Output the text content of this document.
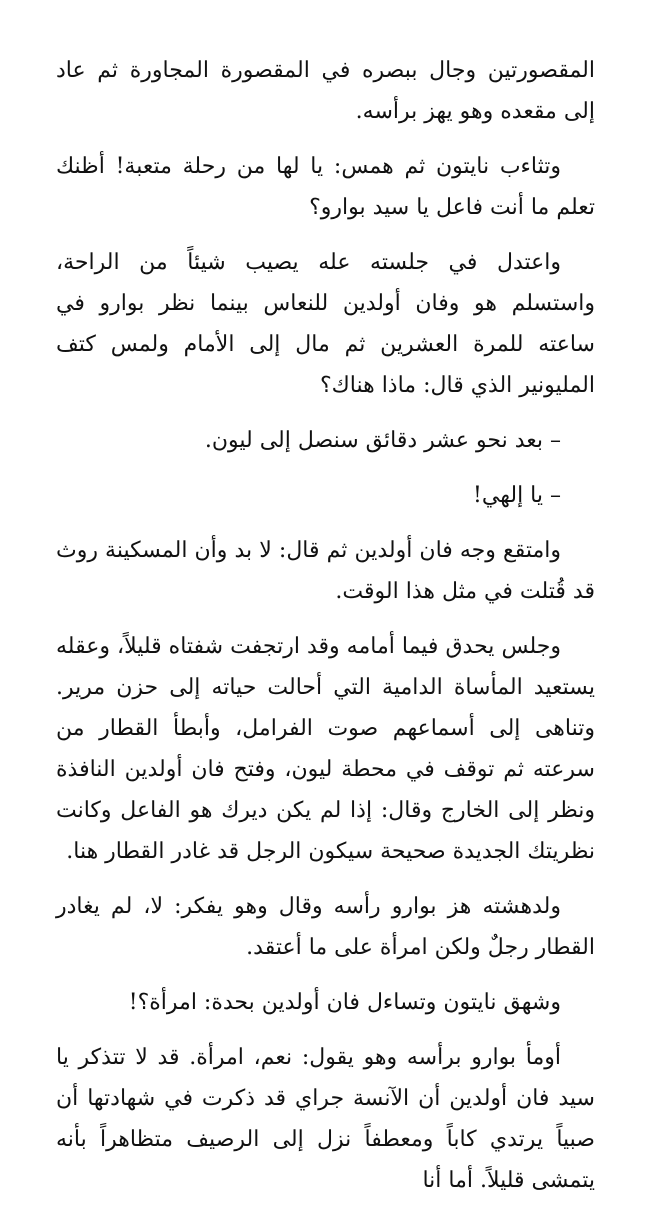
المقصورتين وجال ببصره في المقصورة المجاورة ثم عاد إلى مقعده وهو يهز برأسه.

وتثاءب نايتون ثم همس: يا لها من رحلة متعبة! أظنك تعلم ما أنت فاعل يا سيد بوارو؟

واعتدل في جلسته عله يصيب شيئاً من الراحة، واستسلم هو وفان أولدين للنعاس بينما نظر بوارو في ساعته للمرة العشرين ثم مال إلى الأمام ولمس كتف المليونير الذي قال: ماذا هناك؟

– بعد نحو عشر دقائق سنصل إلى ليون.

– يا إلهي!

وامتقع وجه فان أولدين ثم قال: لا بد وأن المسكينة روث قد قُتلت في مثل هذا الوقت.

وجلس يحدق فيما أمامه وقد ارتجفت شفتاه قليلاً، وعقله يستعيد المأساة الدامية التي أحالت حياته إلى حزن مرير. وتناهى إلى أسماعهم صوت الفرامل، وأبطأ القطار من سرعته ثم توقف في محطة ليون، وفتح فان أولدين النافذة ونظر إلى الخارج وقال: إذا لم يكن ديرك هو الفاعل وكانت نظريتك الجديدة صحيحة سيكون الرجل قد غادر القطار هنا.

ولدهشته هز بوارو رأسه وقال وهو يفكر: لا، لم يغادر القطار رجلٌ ولكن امرأة على ما أعتقد.

وشهق نايتون وتساءل فان أولدين بحدة: امرأة؟!

أومأ بوارو برأسه وهو يقول: نعم، امرأة. قد لا تتذكر يا سيد فان أولدين أن الآنسة جراي قد ذكرت في شهادتها أن صبياً يرتدي كاباً ومعطفاً نزل إلى الرصيف متظاهراً بأنه يتمشى قليلاً. أما أنا
